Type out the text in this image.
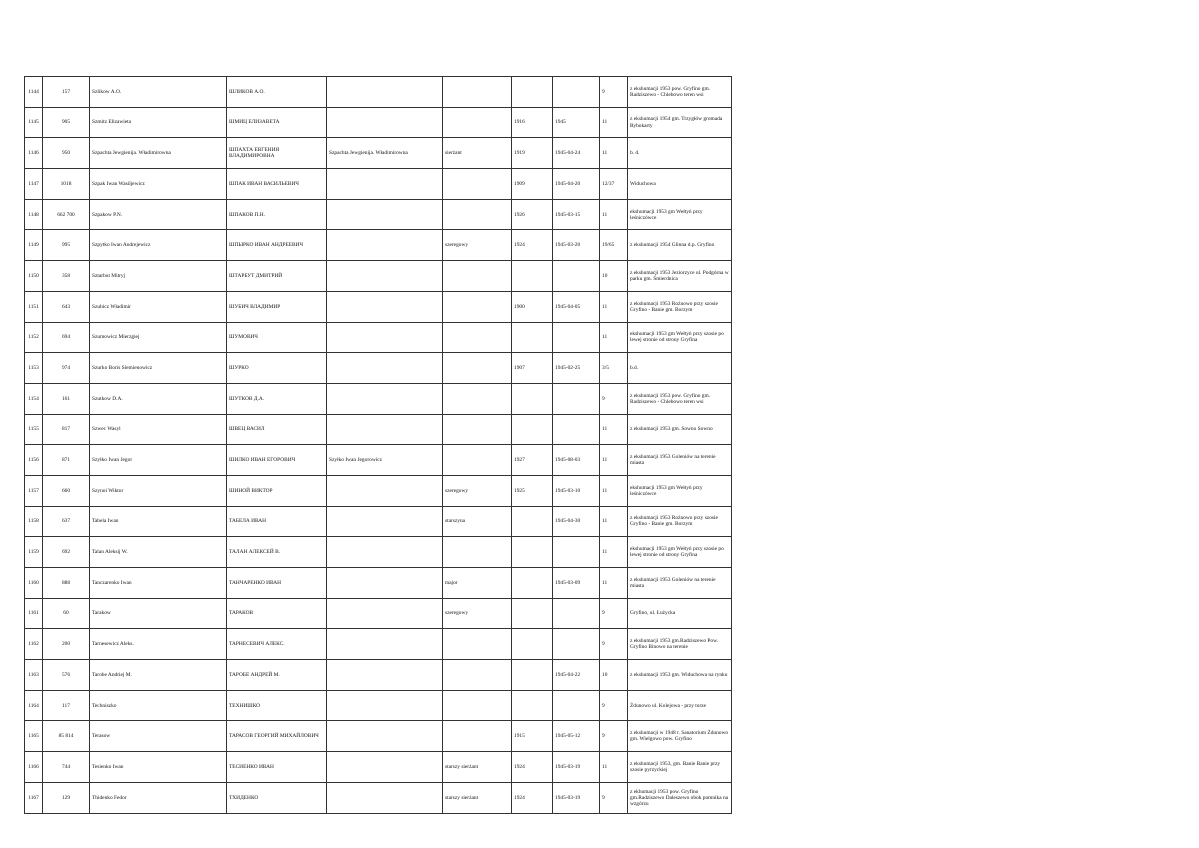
1144	157	Szlikow A.O.	ШЛИКОВ А.О.					9	z ekshumacji 1953 pow. Gryfino gm. Radziszewo - Chlebowo teren wsi
1145	905	Szmitz Elizawieta	ШМИЦ ЕЛИЗАВЕТА			1916	1945	11	z ekshumacji 1954 gm. Trzygłów gromada Rybokarty
1146	950	Szpachta Jewgienija. Władimirowna	ШПАХТА ЕВГЕНИЯ ВЛАДИМИРОВНА	Szpachta Jewgienija. Władimirowna	sierżant	1919	1945-04-24	11	b. d.
1147	1018	Szpak Iwan Wasiljewicz	ШПАК ИВАН ВАСИЛЬЕВИЧ			1909	1945-04-20	12/37	Widuchowa
1148	662 700	Szpakow P.N.	ШПАКОВ П.Н.			1926	1945-03-15	11	ekshumacji 1953 gm Wełtyń przy leśniczówce
1149	995	Szpytko Iwan Andrejewicz	ШПЫРКО ИВАН АНДРЕЕВИЧ		szeregowy	1924	1945-03-20	19/65	z ekshumacji 1954 Glinna d.p. Gryfino
1150	358	Sztarbut Mitryj	ШТАРБУТ ДМИТРИЙ					10	z ekshumacji 1953 Jeziorzyce ul. Podgórna w parku gm. Śmierdnica
1151	643	Szubicz Władimir	ШУБИЧ ВЛАДИМИР			1900	1945-04-05	11	z ekshumacji 1953 Rożnowo przy szosie Gryfino - Banie gm. Borzym
1152	694	Szumowicz Mierzgiej	ШУМОВИЧ					11	ekshumacji 1953 gm Wełtyń przy szosie po lewej stronie od strony Gryfina
1153	974	Szurko Boris Siemienowicz	ШУРКО			1907	1945-02-25	3/5	b.d.
1154	161	Szutkow D.A.	ШУТКОВ Д.А.					9	z ekshumacji 1953 pow. Gryfino gm. Radziszewo - Chlebowo teren wsi
1155	817	Szwec Wasyl	ШВЕЦ ВАСИЛ					11	z ekshumacji 1953 gm. Sowno Sowno
1156	871	Szyłko Iwan Jegor	ШИЛКО ИВАН ЕГОРОВИЧ	Szyłko Iwan Jegorowicz		1927	1945-08-03	11	z ekshumacji 1953 Goleniów na terenie miasta
1157	660	Szynoi Wiktor	ШИНОЙ ВИКТОР		szeregowy	1925	1945-03-10	11	ekshumacji 1953 gm Wełtyń przy leśniczówce
1158	637	Tabela Iwan	ТАБЕЛА ИВАН		starszyna		1945-04-30	11	z ekshumacji 1953 Rożnowo przy szosie Gryfino - Banie gm. Borzym
1159	692	Talan Aleksij W.	ТАЛАН АЛЕКСЕЙ В.					11	ekshumacji 1953 gm Wełtyń przy szosie po lewej stronie od strony Gryfina
1160	888	Tanczarenko Iwan	ТАНЧАРЕНКО ИВАН		major		1945-03-09	11	z ekshumacji 1953 Goleniów na terenie miasta
1161	60	Tarakow	ТАРАКОВ		szeregowy			9	Gryfino, ul. Łużycka
1162	200	Tarnesewicz Aleks.	ТАРНЕСЕВИЧ АЛЕКС.					9	z ekshumacji 1953 gm.Radziszewo Pow. Gryfino Binowo na terenie
1163	576	Tarobe Andriej M.	ТАРОБЕ АНДРЕЙ М.				1945-04-22	10	z ekshumacji 1953 gm. Widuchowa na rynku
1164	117	Techniszko	ТЕХНИШКО					9	Żdunowo ul. Kolejowa - przy torze
1165	85 814	Terasow	ТАРАСОВ ГЕОРГИЙ МИХАЙЛОВИЧ			1915	1945-05-12	9	z ekshumacji w 1948 r. Sanatorium Żdunowo gm. Wielgowo pow. Gryfino
1166	744	Tesienko Iwan	ТЕСИЕНКО ИВАН		starszy sierżant	1924	1945-03-19	11	z ekshumacji 1953, gm. Banie Banie przy szosie pyrzyckiej
1167	129	Thidenko Fedor	ТХИДЕНКО		starszy sierżant	1924	1945-03-19	9	z ekhumacji 1953 pow. Gryfino gm.Radziszewo Daleszewo obok pomnika na wzgórzu
